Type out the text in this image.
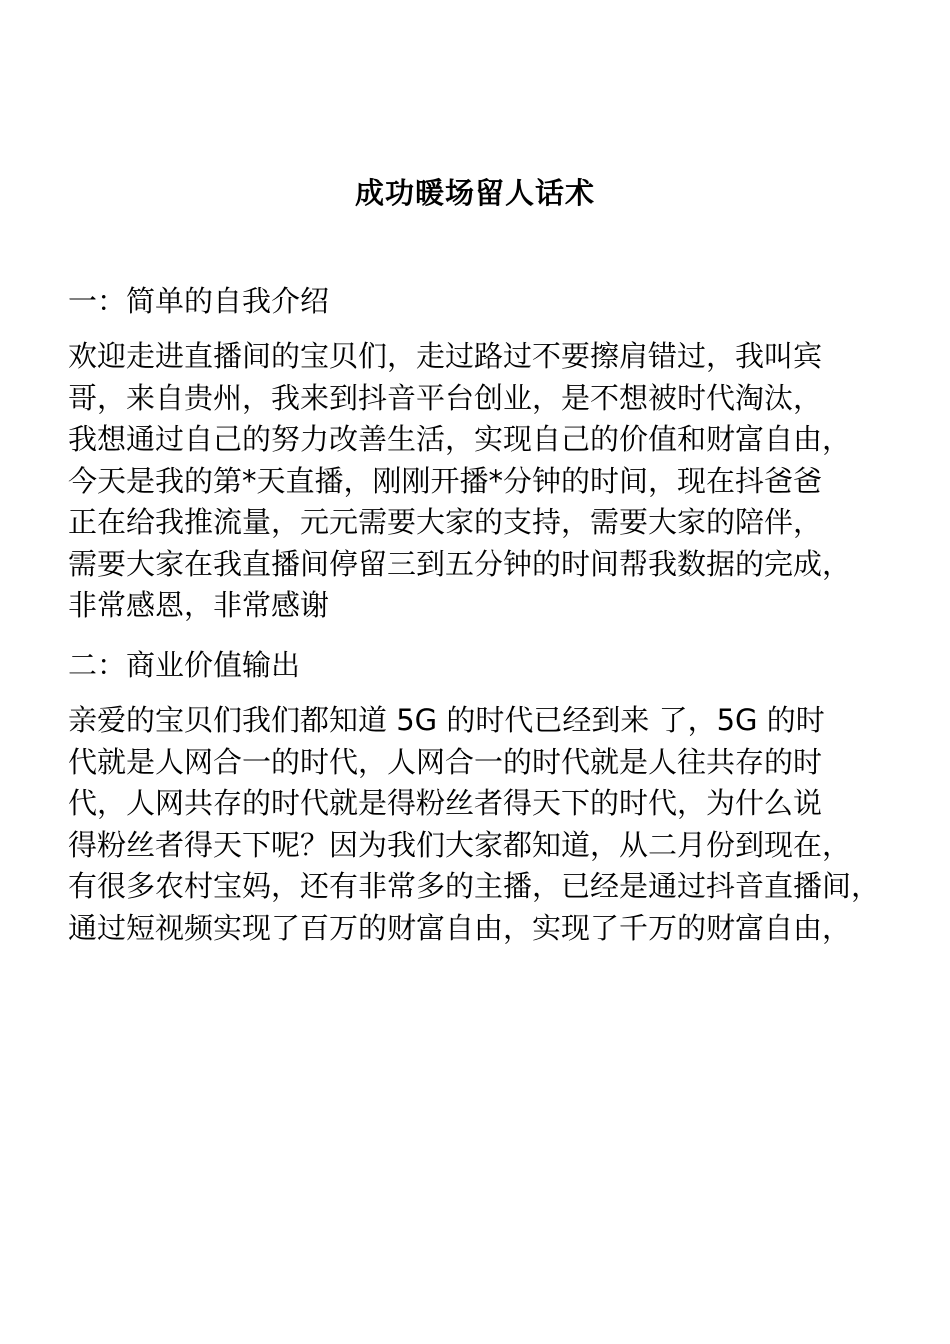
成功暖场留人话术
一：简单的自我介绍
欢迎走进直播间的宝贝们，走过路过不要擦肩错过，我叫宾
哥，来自贵州，我来到抖音平台创业，是不想被时代淘汰，
我想通过自己的努力改善生活，实现自己的价值和财富自由，
今天是我的第*天直播，刚刚开播*分钟的时间，现在抖爸爸
正在给我推流量，元元需要大家的支持，需要大家的陪伴，
需要大家在我直播间停留三到五分钟的时间帮我数据的完成，
非常感恩，非常感谢
二：商业价值输出
亲爱的宝贝们我们都知道 5G 的时代已经到来 了，5G 的时
代就是人网合一的时代，人网合一的时代就是人往共存的时
代，人网共存的时代就是得粉丝者得天下的时代，为什么说
得粉丝者得天下呢？因为我们大家都知道，从二月份到现在，
有很多农村宝妈，还有非常多的主播，已经是通过抖音直播间，
通过短视频实现了百万的财富自由，实现了千万的财富自由，
